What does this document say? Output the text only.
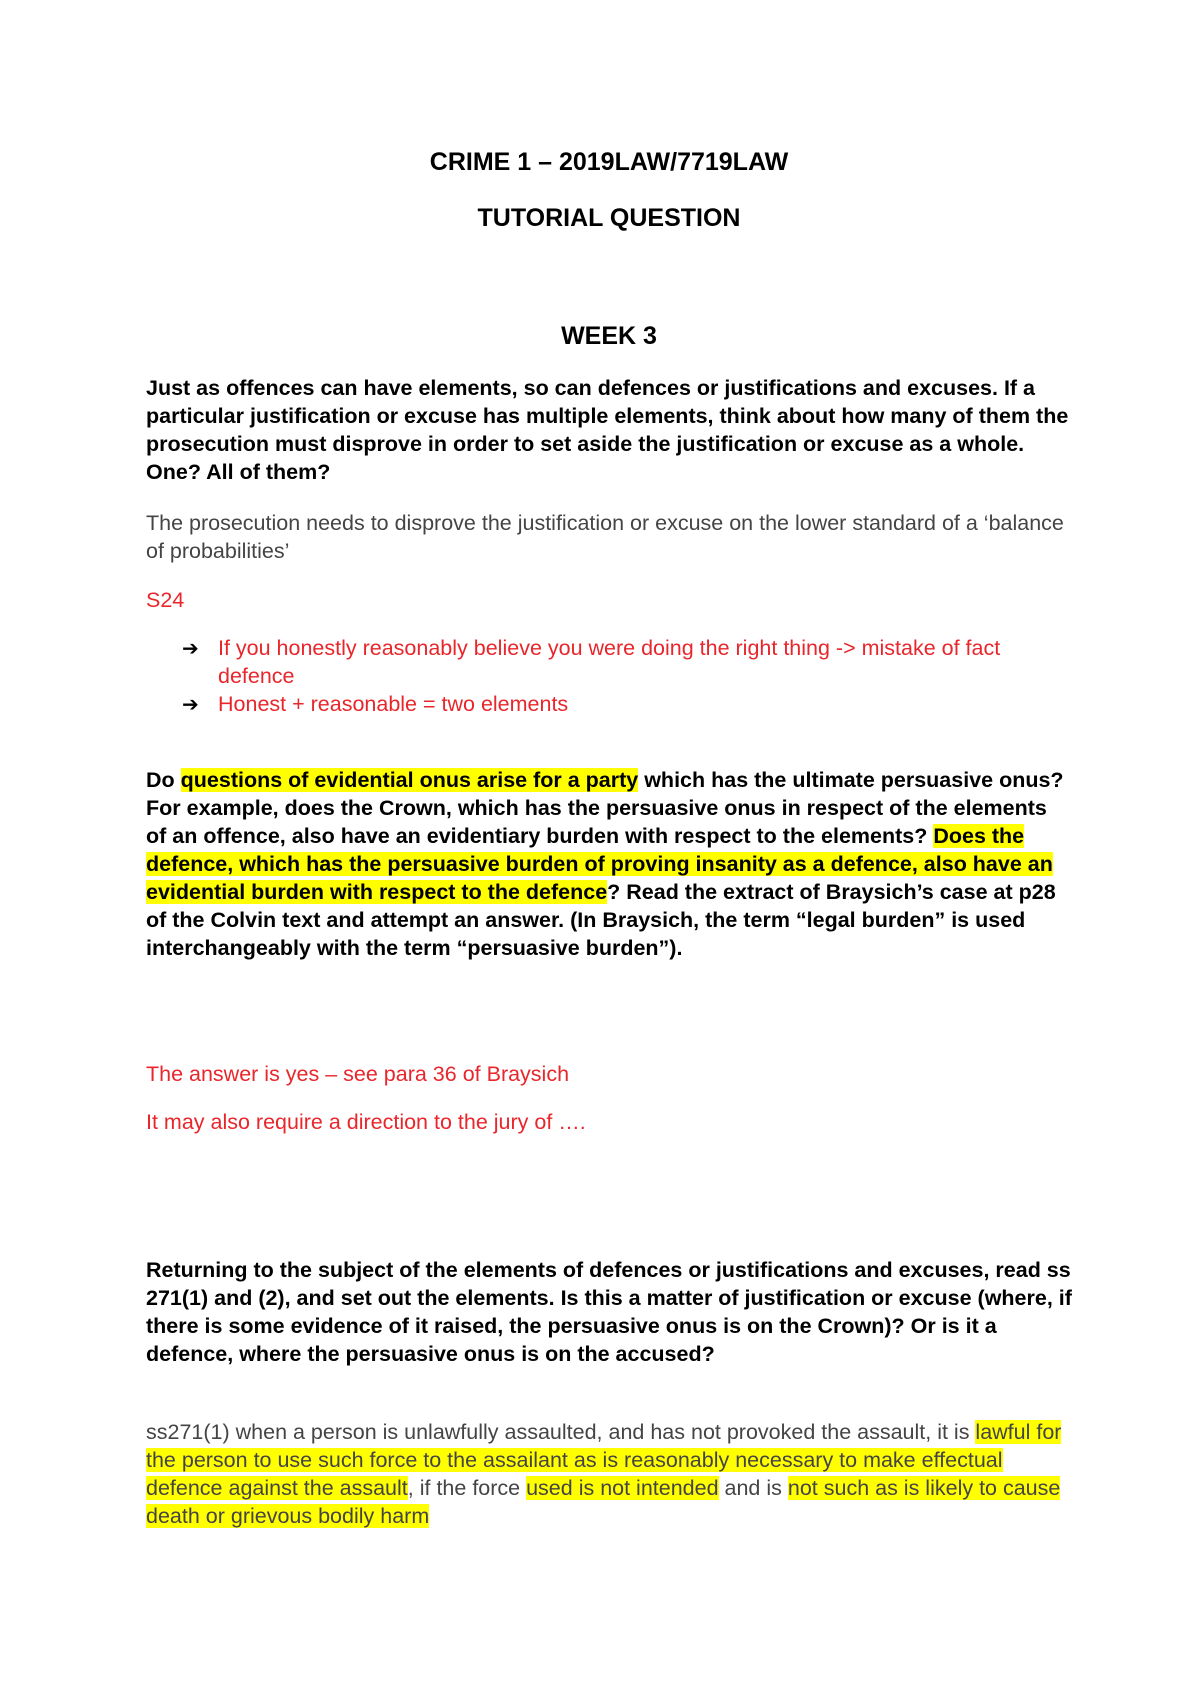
CRIME 1 – 2019LAW/7719LAW
TUTORIAL QUESTION
WEEK 3
Just as offences can have elements, so can defences or justifications and excuses. If a particular justification or excuse has multiple elements, think about how many of them the prosecution must disprove in order to set aside the justification or excuse as a whole. One? All of them?
The prosecution needs to disprove the justification or excuse on the lower standard of a ‘balance of probabilities’
S24
➔ If you honestly reasonably believe you were doing the right thing -> mistake of fact defence
➔ Honest + reasonable = two elements
Do questions of evidential onus arise for a party which has the ultimate persuasive onus? For example, does the Crown, which has the persuasive onus in respect of the elements of an offence, also have an evidentiary burden with respect to the elements? Does the defence, which has the persuasive burden of proving insanity as a defence, also have an evidential burden with respect to the defence? Read the extract of Braysich’s case at p28 of the Colvin text and attempt an answer. (In Braysich, the term “legal burden” is used interchangeably with the term “persuasive burden”).
The answer is yes – see para 36 of Braysich
It may also require a direction to the jury of ….
Returning to the subject of the elements of defences or justifications and excuses, read ss 271(1) and (2), and set out the elements. Is this a matter of justification or excuse (where, if there is some evidence of it raised, the persuasive onus is on the Crown)? Or is it a defence, where the persuasive onus is on the accused?
ss271(1) when a person is unlawfully assaulted, and has not provoked the assault, it is lawful for the person to use such force to the assailant as is reasonably necessary to make effectual defence against the assault, if the force used is not intended and is not such as is likely to cause death or grievous bodily harm
